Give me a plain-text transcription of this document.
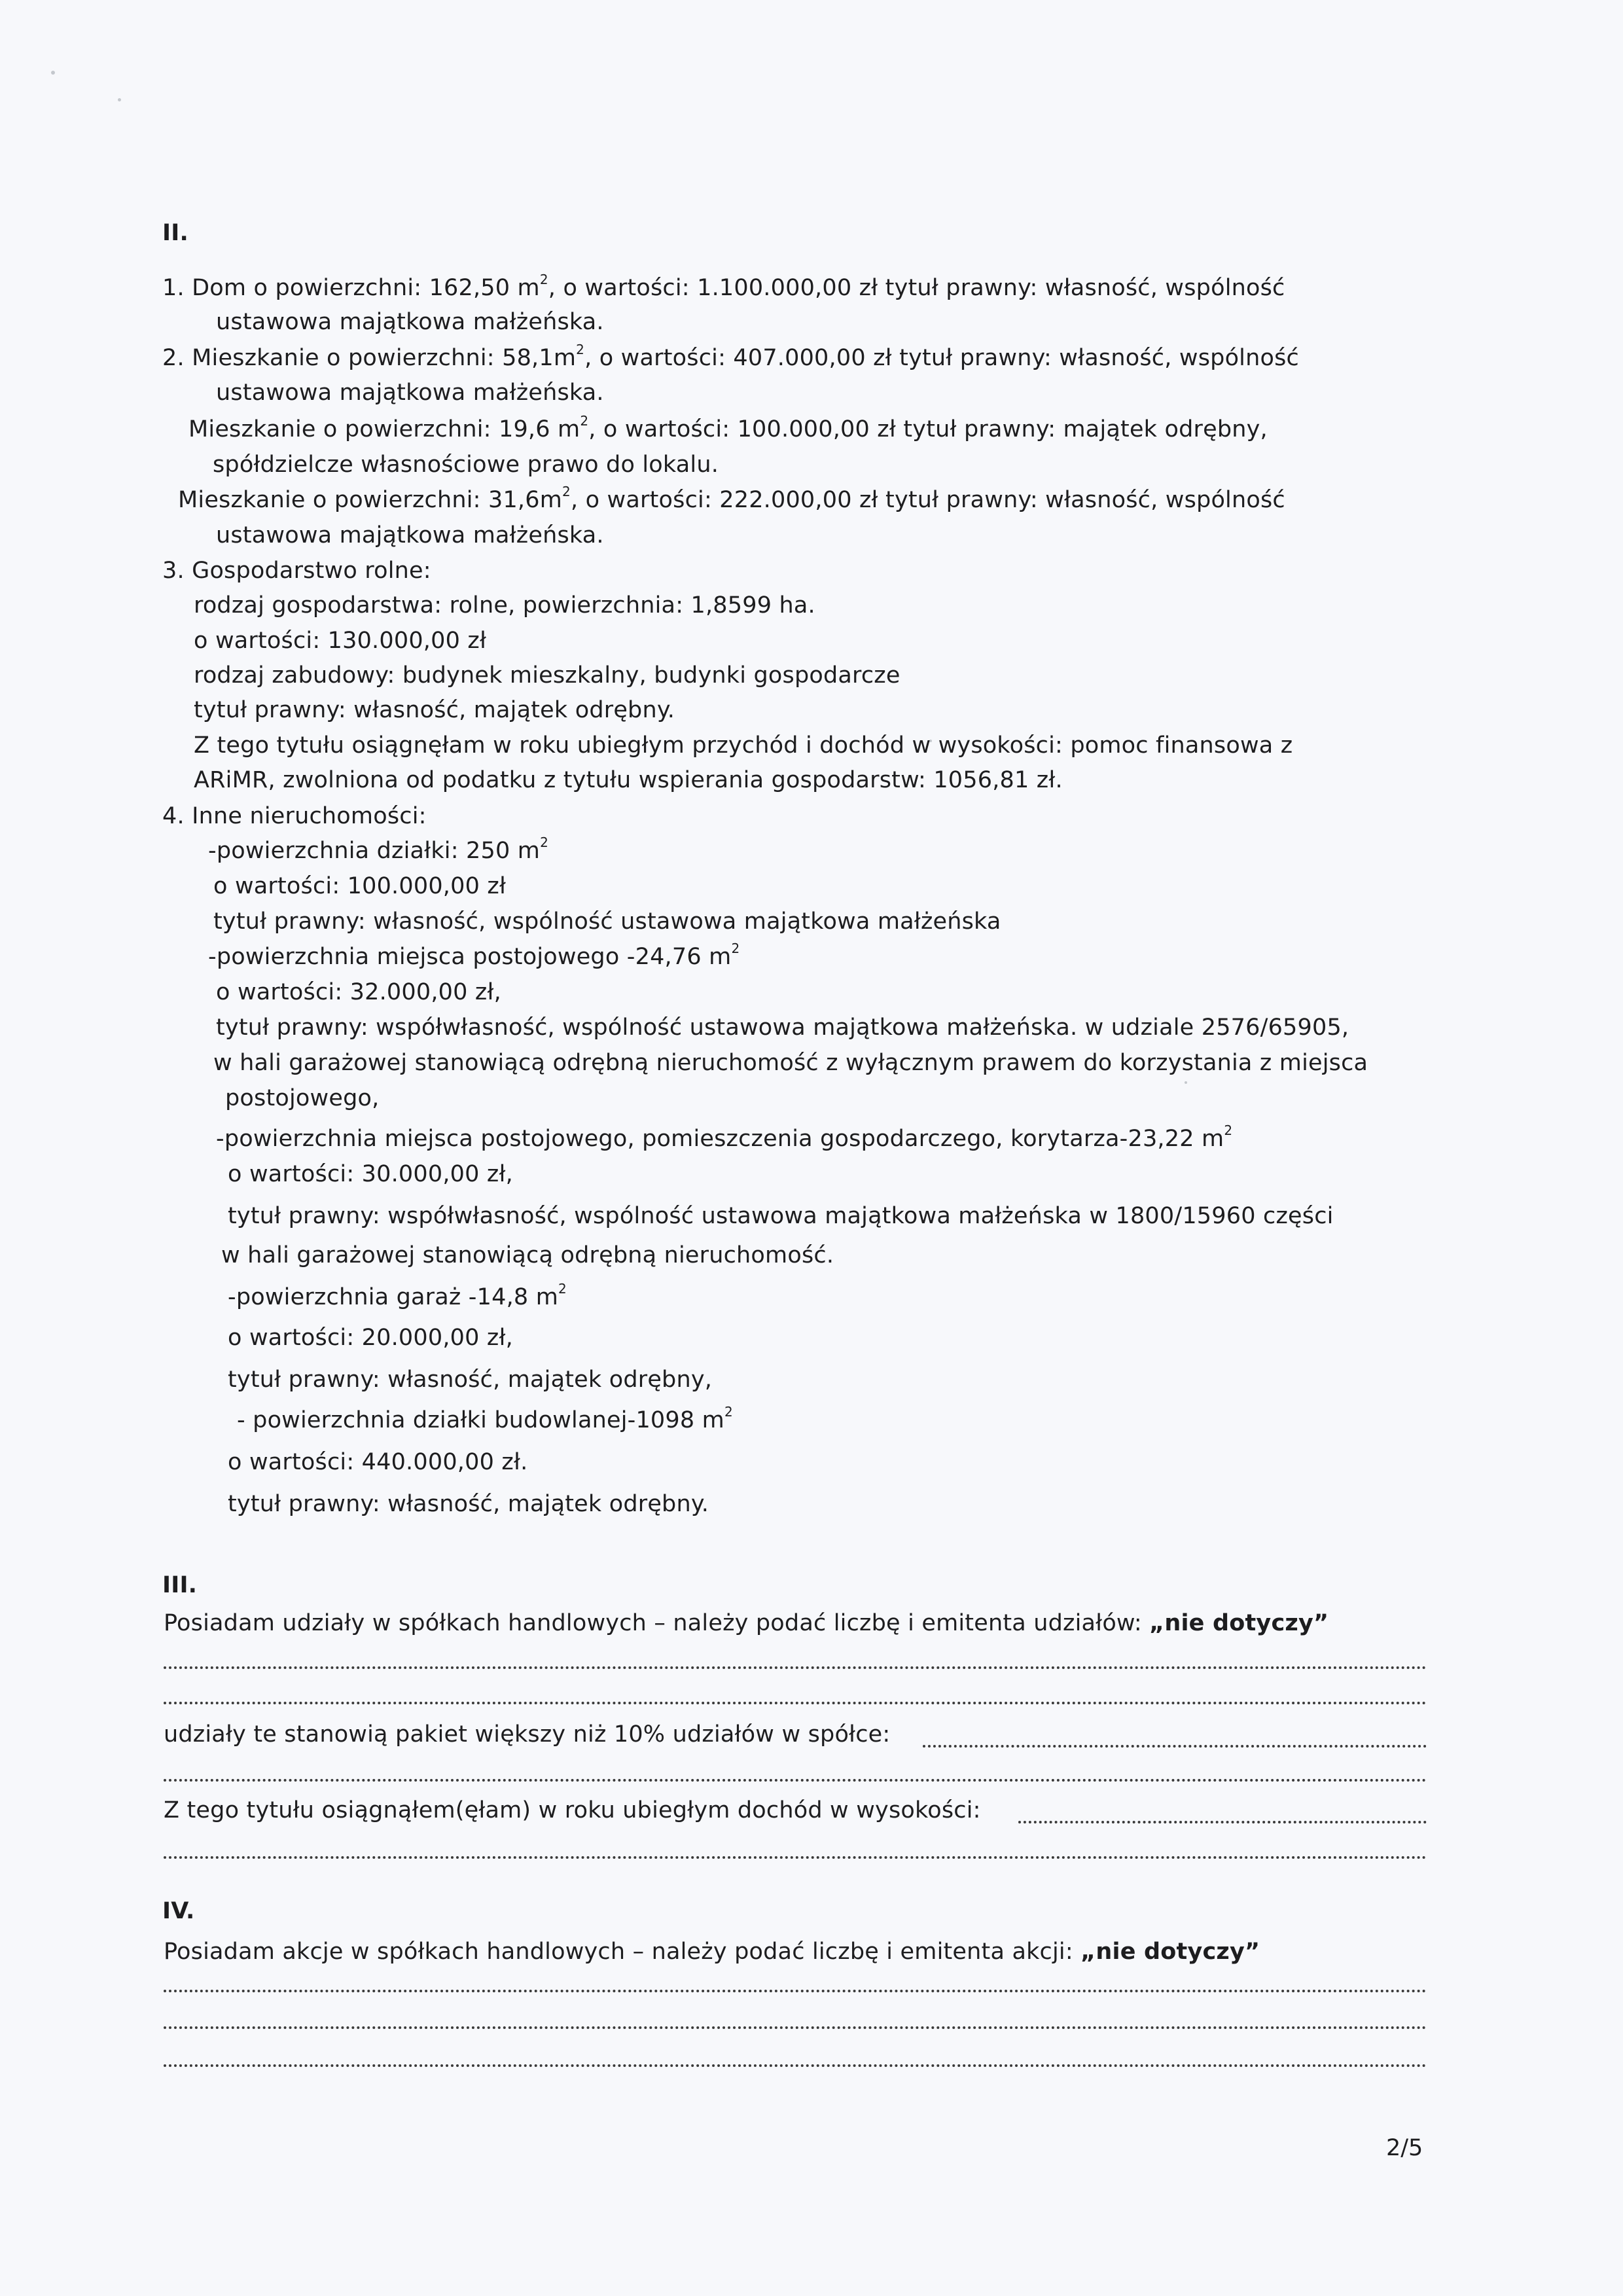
II.
1. Dom o powierzchni: 162,50 $m^2$, o wartości: 1.100.000,00 zł tytuł prawny: własność, wspólność
ustawowa majątkowa małżeńska.
2. Mieszkanie o powierzchni: $58,1m^2$, o wartości: 407.000,00 zł tytuł prawny: własność, wspólność
ustawowa majątkowa małżeńska.
Mieszkanie o powierzchni: 19,6 $m^2$, o wartości: 100.000,00 zł tytuł prawny: majątek odrębny,
spółdzielcze własnościowe prawo do lokalu.
Mieszkanie o powierzchni: $31,6m^2$, o wartości: 222.000,00 zł tytuł prawny: własność, wspólność
ustawowa majątkowa małżeńska.
3. Gospodarstwo rolne:
rodzaj gospodarstwa: rolne, powierzchnia: 1,8599 ha.
o wartości: 130.000,00 zł
rodzaj zabudowy: budynek mieszkalny, budynki gospodarcze
tytuł prawny: własność, majątek odrębny.
Z tego tytułu osiągnęłam w roku ubiegłym przychód i dochód w wysokości: pomoc finansowa z
ARiMR, zwolniona od podatku z tytułu wspierania gospodarstw: 1056,81 zł.
4. Inne nieruchomości:
-powierzchnia działki: 250 $m^2$
o wartości: 100.000,00 zł
tytuł prawny: własność, wspólność ustawowa majątkowa małżeńska
-powierzchnia miejsca postojowego -24,76 $m^2$
o wartości: 32.000,00 zł,
tytuł prawny: współwłasność, wspólność ustawowa majątkowa małżeńska. w udziale 2576/65905,
w hali garażowej stanowiącą odrębną nieruchomość z wyłącznym prawem do korzystania z miejsca
postojowego,
-powierzchnia miejsca postojowego, pomieszczenia gospodarczego, korytarza-23,22 $m^2$
o wartości: 30.000,00 zł,
tytuł prawny: współwłasność, wspólność ustawowa majątkowa małżeńska w 1800/15960 części
w hali garażowej stanowiącą odrębną nieruchomość.
-powierzchnia garaż -14,8 $m^2$
o wartości: 20.000,00 zł,
tytuł prawny: własność, majątek odrębny,
- powierzchnia działki budowlanej-1098 $m^2$
o wartości: 440.000,00 zł.
tytuł prawny: własność, majątek odrębny.
III.
Posiadam udziały w spółkach handlowych – należy podać liczbę i emitenta udziałów: „nie dotyczy”
udziały te stanowią pakiet większy niż 10% udziałów w spółce:
Z tego tytułu osiągnąłem(ęłam) w roku ubiegłym dochód w wysokości:
IV.
Posiadam akcje w spółkach handlowych – należy podać liczbę i emitenta akcji: „nie dotyczy”
2/5
